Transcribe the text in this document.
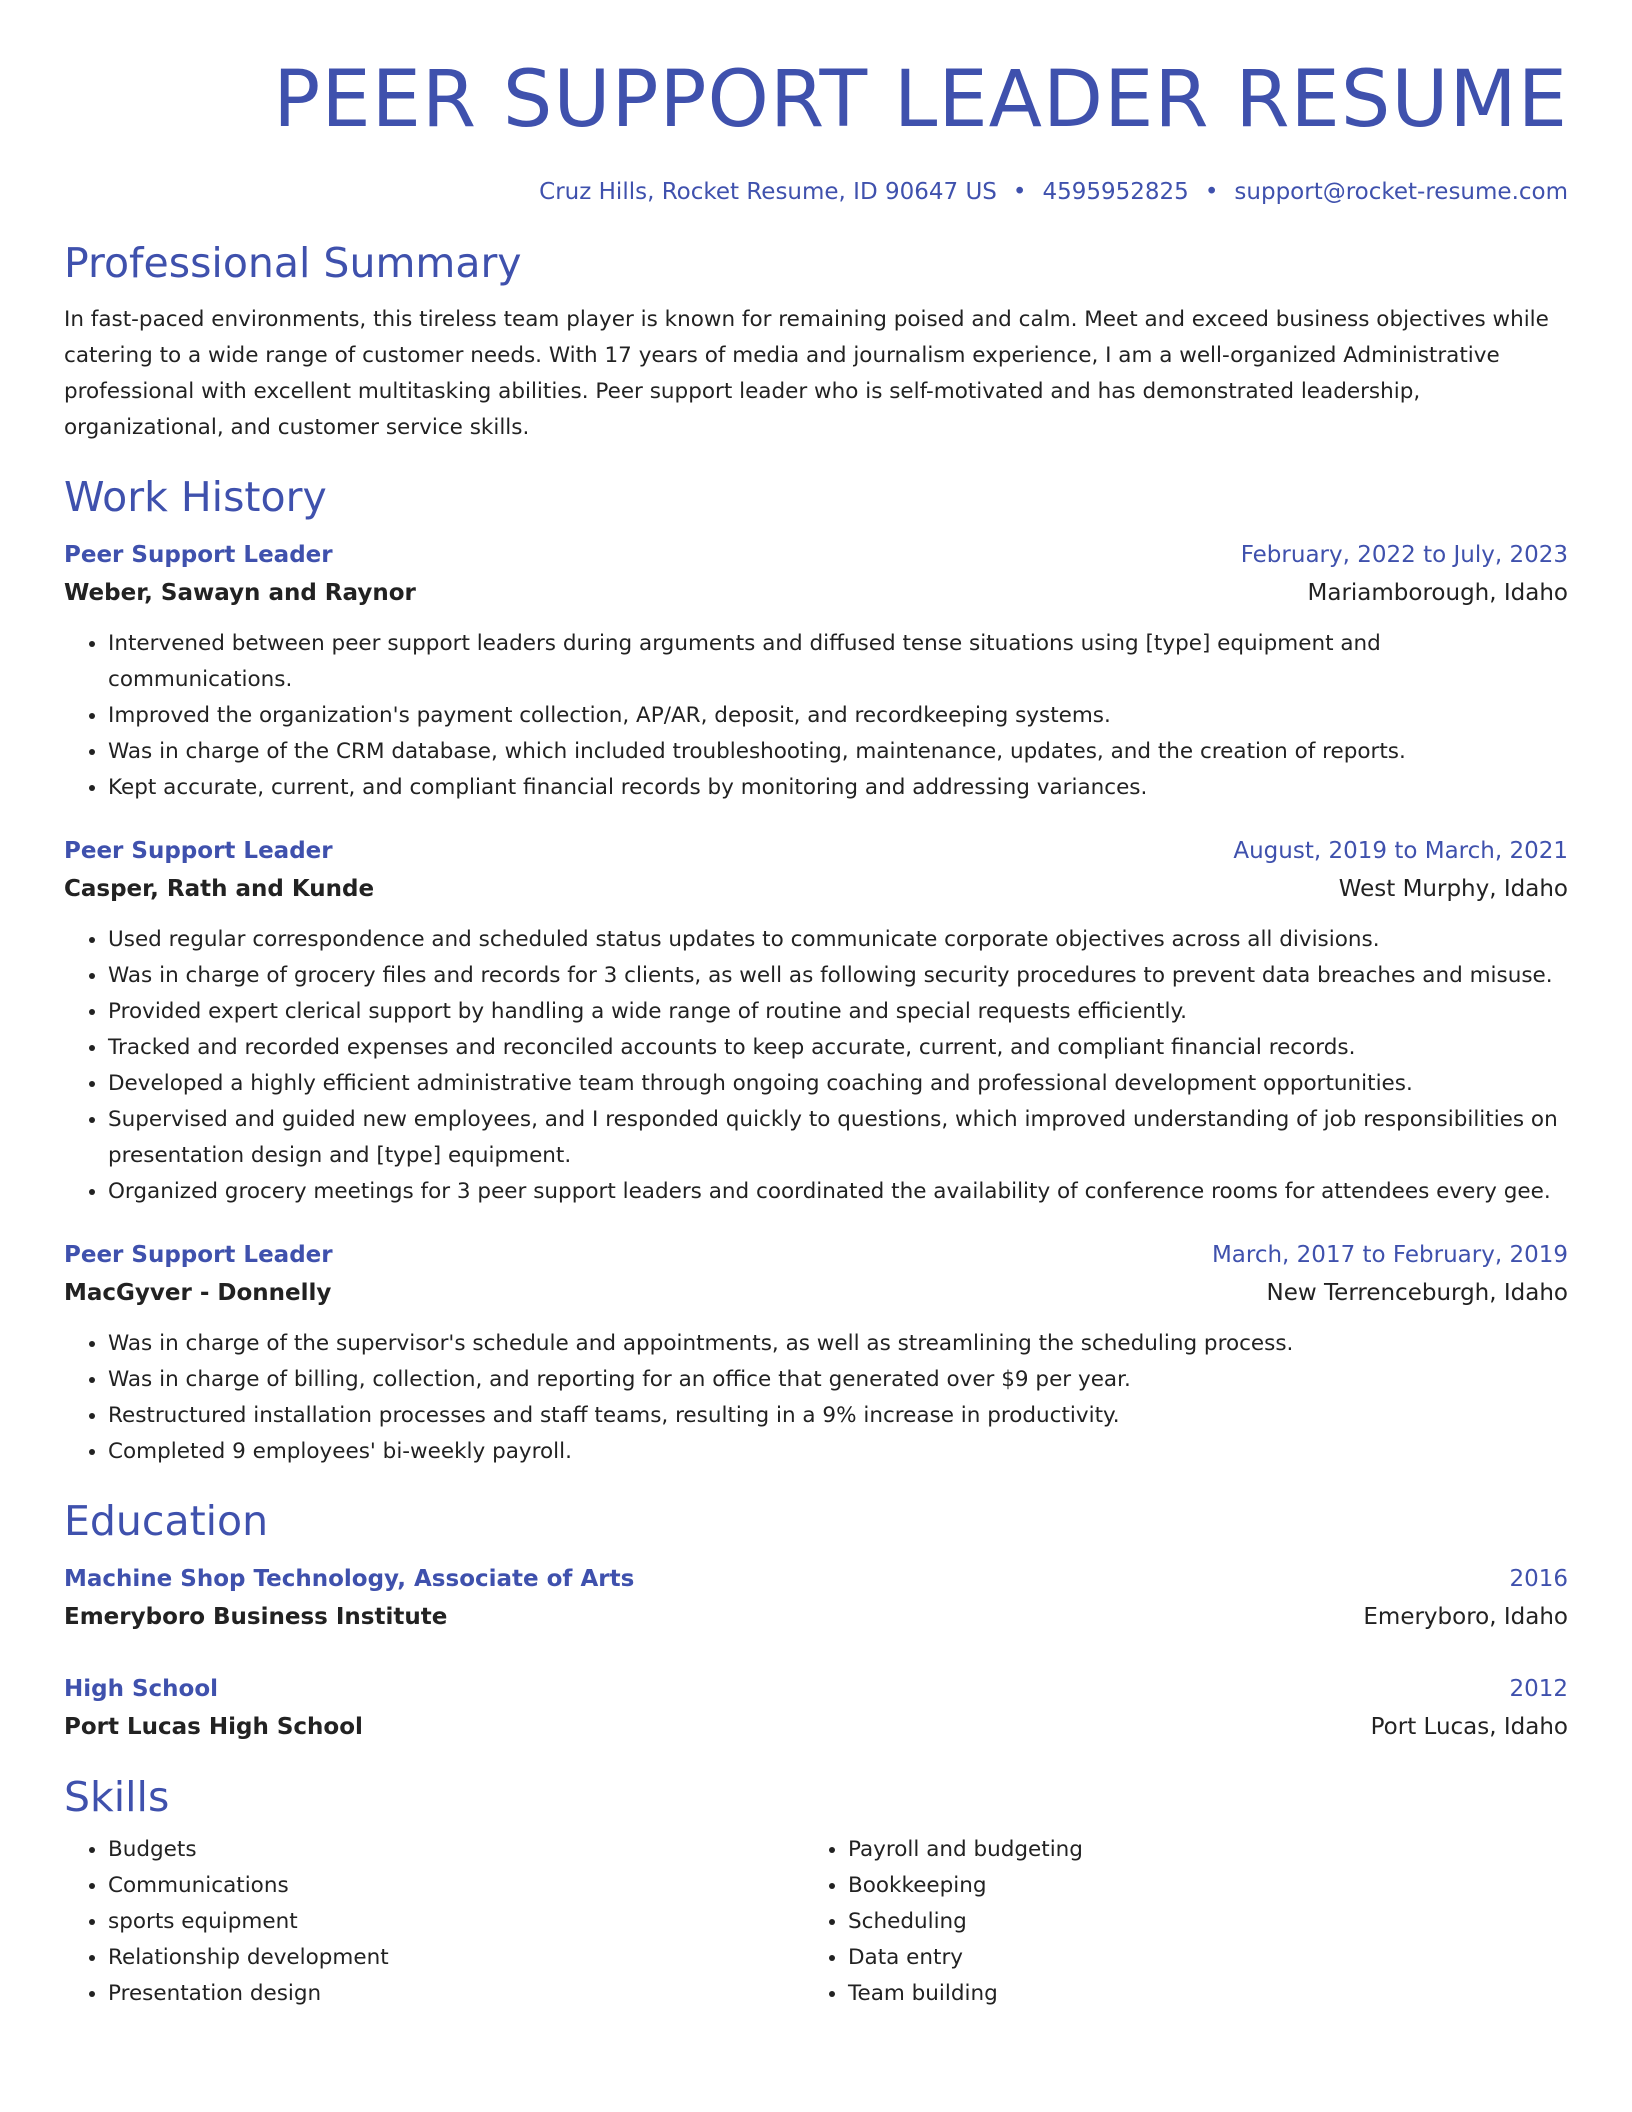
PEER SUPPORT LEADER RESUME
Cruz Hills, Rocket Resume, ID 90647 US • 4595952825 • support@rocket-resume.com
Professional Summary

In fast-paced environments, this tireless team player is known for remaining poised and calm. Meet and exceed business objectives while catering to a wide range of customer needs. With 17 years of media and journalism experience, I am a well-organized Administrative professional with excellent multitasking abilities. Peer support leader who is self-motivated and has demonstrated leadership, organizational, and customer service skills.

Work History
Peer Support Leader	February, 2022 to July, 2023
Weber, Sawayn and Raynor	Mariamborough, Idaho
• Intervened between peer support leaders during arguments and diffused tense situations using [type] equipment and communications.
• Improved the organization's payment collection, AP/AR, deposit, and recordkeeping systems.
• Was in charge of the CRM database, which included troubleshooting, maintenance, updates, and the creation of reports.
• Kept accurate, current, and compliant financial records by monitoring and addressing variances.
Peer Support Leader	August, 2019 to March, 2021
Casper, Rath and Kunde	West Murphy, Idaho
• Used regular correspondence and scheduled status updates to communicate corporate objectives across all divisions.
• Was in charge of grocery files and records for 3 clients, as well as following security procedures to prevent data breaches and misuse.
• Provided expert clerical support by handling a wide range of routine and special requests efficiently.
• Tracked and recorded expenses and reconciled accounts to keep accurate, current, and compliant financial records.
• Developed a highly efficient administrative team through ongoing coaching and professional development opportunities.
• Supervised and guided new employees, and I responded quickly to questions, which improved understanding of job responsibilities on presentation design and [type] equipment.
• Organized grocery meetings for 3 peer support leaders and coordinated the availability of conference rooms for attendees every gee.
Peer Support Leader	March, 2017 to February, 2019
MacGyver - Donnelly	New Terrenceburgh, Idaho
• Was in charge of the supervisor's schedule and appointments, as well as streamlining the scheduling process.
• Was in charge of billing, collection, and reporting for an office that generated over $9 per year.
• Restructured installation processes and staff teams, resulting in a 9% increase in productivity.
• Completed 9 employees' bi-weekly payroll.
Education
Machine Shop Technology, Associate of Arts	2016
Emeryboro Business Institute	Emeryboro, Idaho
High School	2012
Port Lucas High School	Port Lucas, Idaho
Skills
• Budgets
• Communications
• sports equipment
• Relationship development
• Presentation design
• Payroll and budgeting
• Bookkeeping
• Scheduling
• Data entry
• Team building
